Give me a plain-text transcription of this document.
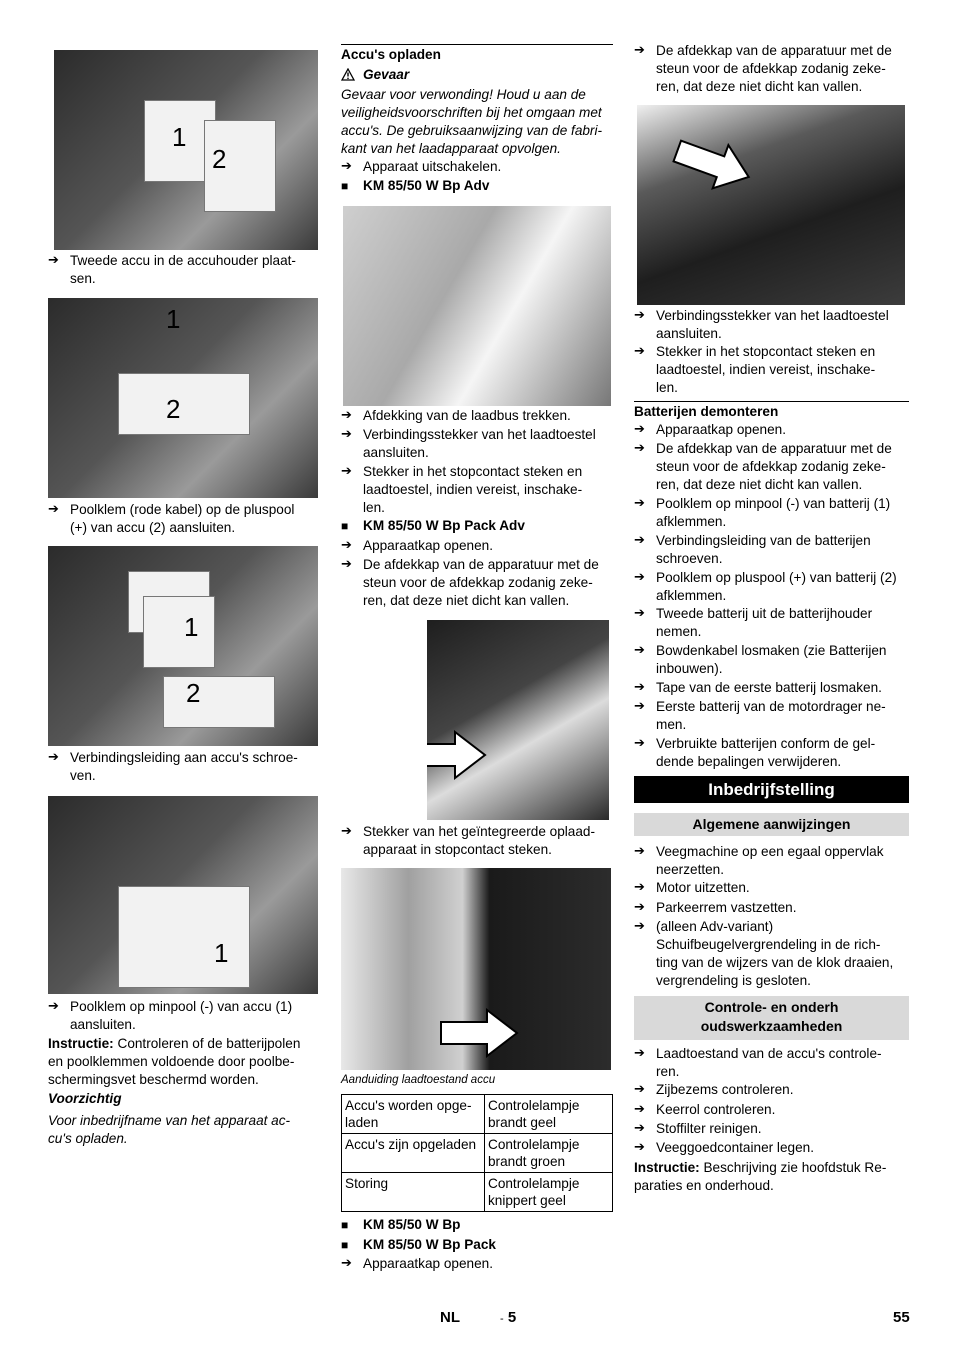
1
2
➔ Tweede accu in de accuhouder plaat-
sen.
1
2
➔ Poolklem (rode kabel) op de pluspool
(+) van accu (2) aansluiten.
1
2
➔ Verbindingsleiding aan accu's schroe-
ven.
1
➔ Poolklem op minpool (-) van accu (1)
aansluiten.
Instructie: Controleren of de batterijpolen
en poolklemmen voldoende door poolbe-
schermingsvet beschermd worden.
Voorzichtig
Voor inbedrijfname van het apparaat ac-
cu's opladen.
Accu's opladen
Gevaar
Gevaar voor verwonding! Houd u aan de
veiligheidsvoorschriften bij het omgaan met
accu's. De gebruiksaanwijzing van de fabri-
kant van het laadapparaat opvolgen.
➔ Apparaat uitschakelen.
■ KM 85/50 W Bp Adv
➔ Afdekking van de laadbus trekken.
➔ Verbindingsstekker van het laadtoestel
aansluiten.
➔ Stekker in het stopcontact steken en
laadtoestel, indien vereist, inschake-
len.
■ KM 85/50 W Bp Pack Adv
➔ Apparaatkap openen.
➔ De afdekkap van de apparatuur met de
steun voor de afdekkap zodanig zeke-
ren, dat deze niet dicht kan vallen.
➔ Stekker van het geïntegreerde oplaad-
apparaat in stopcontact steken.
Aanduiding laadtoestand accu
Accu's worden opge-
laden	Controlelampje
brandt geel
Accu's zijn opgeladen	Controlelampje
brandt groen
Storing	Controlelampje
knippert geel
■ KM 85/50 W Bp
■ KM 85/50 W Bp Pack
➔ Apparaatkap openen.
➔ De afdekkap van de apparatuur met de
steun voor de afdekkap zodanig zeke-
ren, dat deze niet dicht kan vallen.
➔ Verbindingsstekker van het laadtoestel
aansluiten.
➔ Stekker in het stopcontact steken en
laadtoestel, indien vereist, inschake-
len.
Batterijen demonteren
➔ Apparaatkap openen.
➔ De afdekkap van de apparatuur met de
steun voor de afdekkap zodanig zeke-
ren, dat deze niet dicht kan vallen.
➔ Poolklem op minpool (-) van batterij (1)
afklemmen.
➔ Verbindingsleiding van de batterijen
schroeven.
➔ Poolklem op pluspool (+) van batterij (2)
afklemmen.
➔ Tweede batterij uit de batterijhouder
nemen.
➔ Bowdenkabel losmaken (zie Batterijen
inbouwen).
➔ Tape van de eerste batterij losmaken.
➔ Eerste batterij van de motordrager ne-
men.
➔ Verbruikte batterijen conform de gel-
dende bepalingen verwijderen.
Inbedrijfstelling
Algemene aanwijzingen
➔ Veegmachine op een egaal oppervlak
neerzetten.
➔ Motor uitzetten.
➔ Parkeerrem vastzetten.
➔ (alleen Adv-variant)
Schuifbeugelvergrendeling in de rich-
ting van de wijzers van de klok draaien,
vergrendeling is gesloten.
Controle- en onderh
oudswerkzaamheden
➔ Laadtoestand van de accu's controle-
ren.
➔ Zijbezems controleren.
➔ Keerrol controleren.
➔ Stoffilter reinigen.
➔ Veeggoedcontainer legen.
Instructie: Beschrijving zie hoofdstuk Re-
paraties en onderhoud.
NL	- 5	55
